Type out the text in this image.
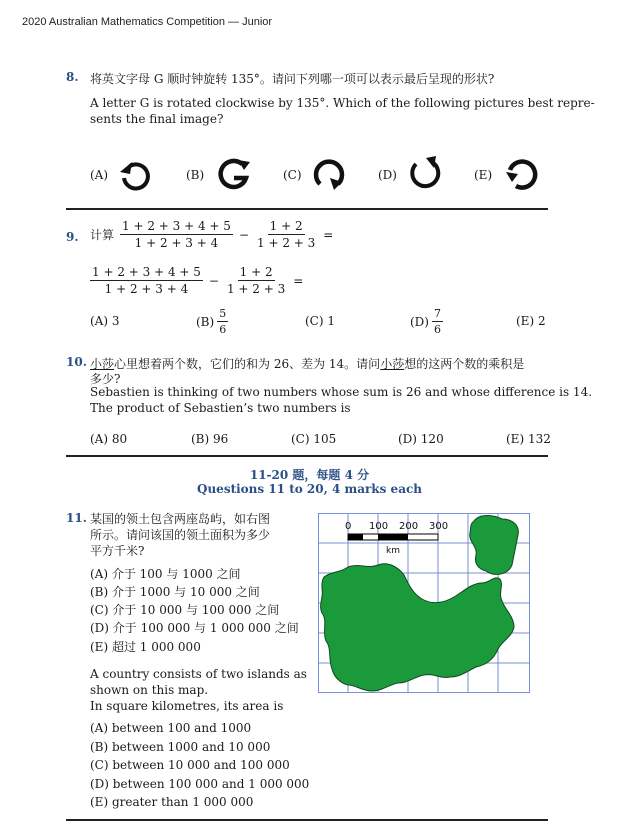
2020 Australian Mathematics Competition — Junior
8. 将英文字母 G 顺时钟旋转 135°。请问下列哪一项可以表示最后呈现的形状?
A letter G is rotated clockwise by 135°. Which of the following pictures best repre-
sents the final image?
(A)	(B)	(C)	(D)	(E)
9. 计算 $\frac{1 + 2 + 3 + 4 + 5}{1 + 2 + 3 + 4} - \frac{1 + 2}{1 + 2 + 3}$ =
$\frac{1 + 2 + 3 + 4 + 5}{1 + 2 + 3 + 4} - \frac{1 + 2}{1 + 2 + 3}$ =
(A) 3	$(B) \frac{5}{6}$	(C) 1	$(D) \frac{7}{6}$	(E) 2
10. 小莎心里想着两个数，它们的和为 26、差为 14。请问小莎想的这两个数的乘积是
多少?
Sebastien is thinking of two numbers whose sum is 26 and whose difference is 14.
The product of Sebastien’s two numbers is
(A) 80	(B) 96	(C) 105	(D) 120	(E) 132
11-20 题，每题 4 分
Questions 11 to 20, 4 marks each
11. 某国的领土包含两座岛屿，如右图
所示。请问该国的领土面积为多少
平方千米?
(A) 介于 100 与 1000 之间
(B) 介于 1000 与 10 000 之间
(C) 介于 10 000 与 100 000 之间
(D) 介于 100 000 与 1 000 000 之间
(E) 超过 1 000 000
A country consists of two islands as
shown on this map.
In square kilometres, its area is
(A) between 100 and 1000
(B) between 1000 and 10 000
(C) between 10 000 and 100 000
(D) between 100 000 and 1 000 000
(E) greater than 1 000 000
0 100 200 300
km
